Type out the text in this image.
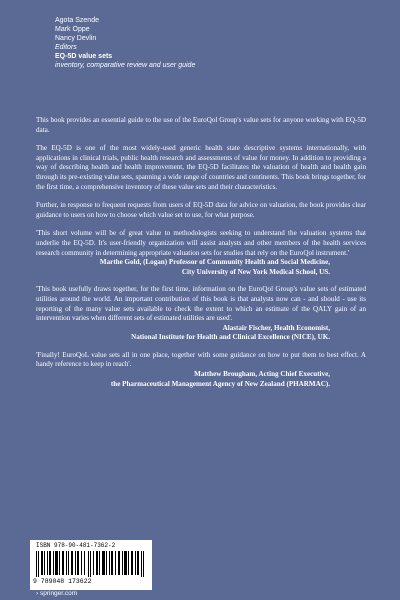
Agota Szende
Mark Oppe
Nancy Devlin
Editors
EQ-5D value sets
inventory, comparative review and user guide

This book provides an essential guide to the use of the EuroQol Group's value sets for anyone working with EQ-5D data.

The EQ-5D is one of the most widely-used generic health state descriptive systems internationally, with applications in clinical trials, public health research and assessments of value for money. In addition to providing a way of describing health and health improvement, the EQ-5D facilitates the valuation of health and health gain through its pre-existing value sets, spanning a wide range of countries and continents. This book brings together, for the first time, a comprehensive inventory of these value sets and their characteristics.

Further, in response to frequent requests from users of EQ-5D data for advice on valuation, the book provides clear guidance to users on how to choose which value set to use, for what purpose.

'This short volume will be of great value to methodologists seeking to understand the valuation systems that underlie the EQ-5D. It's user-friendly organization will assist analysts and other members of the health services research community in determining appropriate valuation sets for studies that rely on the EuroQol instrument.'

Marthe Gold, (Logan) Professor of Community Health and Social Medicine,
City University of New York Medical School, US.

'This book usefully draws together, for the first time, information on the EuroQol Group's value sets of estimated utilities around the world. An important contribution of this book is that analysts now can - and should - use its reporting of the many value sets available to check the extent to which an estimate of the QALY gain of an intervention varies when different sets of estimated utilities are used'.

Alastair Fischer, Health Economist,
National Institute for Health and Clinical Excellence (NICE), UK.

'Finally! EuroQoL value sets all in one place, together with some guidance on how to put them to best effect. A handy reference to keep in reach'.

Matthew Brougham, Acting Chief Executive,
the Pharmaceutical Management Agency of New Zealand (PHARMAC).
ISBN 978-90-481-7362-2
9 789048 173622
› springer.com
